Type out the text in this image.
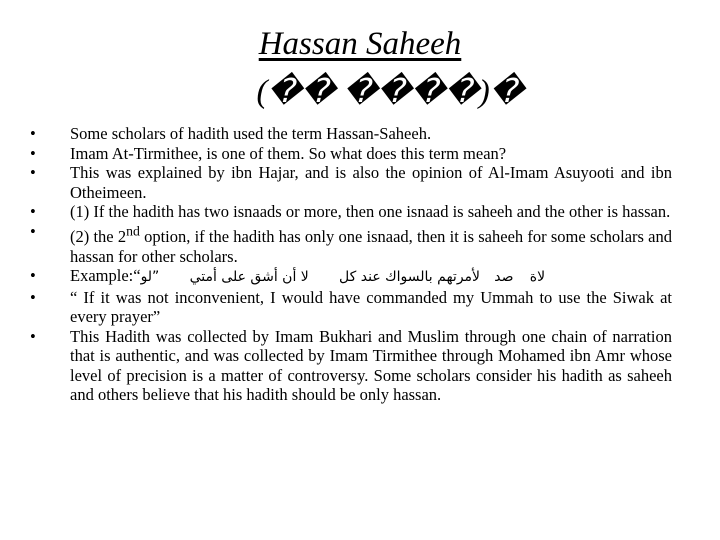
Hassan Saheeh
(�� ����)�
•	Some scholars of hadith used the term Hassan-Saheeh.
•	Imam At-Tirmithee, is one of them. So what does this term mean?
•	This was explained by ibn Hajar, and is also the opinion of Al-Imam Asuyooti and ibn Otheimeen.
•	(1) If the hadith has two isnaads or more, then one isnaad is saheeh and the other is hassan.
•	(2) the 2nd option, if the hadith has only one isnaad, then it is saheeh for some scholars and hassan for other scholars.
•	Example:“	لاة  صد  لأمرتهم بالسواك عند كل  لا أن أشق على أمتي  ”لو
•	“ If it was not inconvenient, I would have commanded my Ummah to use the Siwak at every prayer”
•	This Hadith was collected by Imam Bukhari and Muslim through one chain of narration that is authentic, and was collected by Imam Tirmithee through Mohamed ibn Amr whose level of precision is a matter of controversy. Some scholars consider his hadith as saheeh and others believe that his hadith should be only hassan.
